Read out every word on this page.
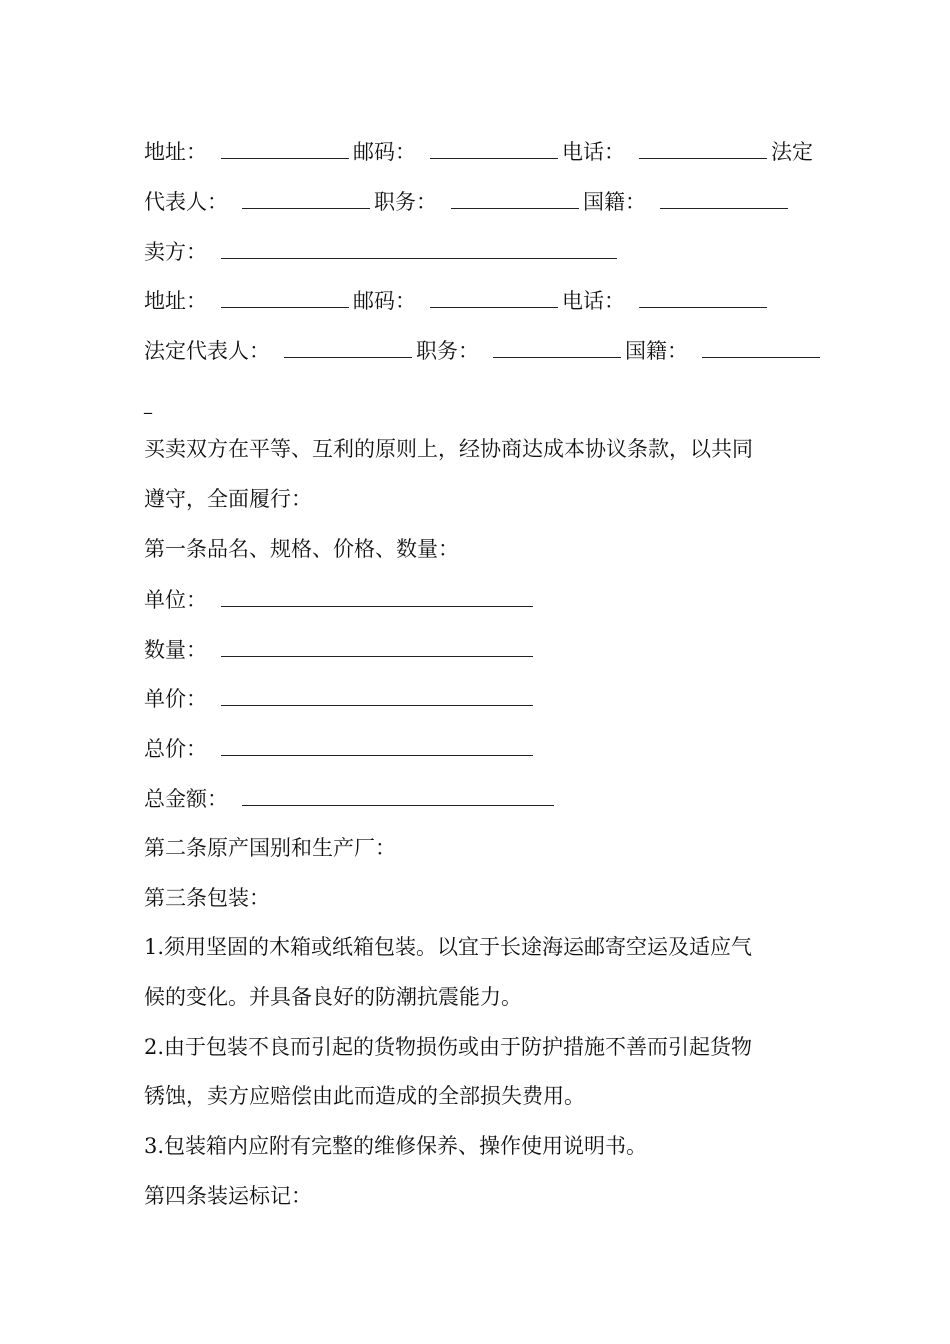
地址：	邮码：	电话：	法定
代表人：	职务：	国籍：
卖方：
地址：	邮码：	电话：
法定代表人：	职务：	国籍：
_
买卖双方在平等、互利的原则上，经协商达成本协议条款，以共同
遵守，全面履行：
第一条品名、规格、价格、数量：
单位：
数量：
单价：
总价：
总金额：
第二条原产国别和生产厂：
第三条包装：
1.须用坚固的木箱或纸箱包装。以宜于长途海运邮寄空运及适应气
候的变化。并具备良好的防潮抗震能力。
2.由于包装不良而引起的货物损伤或由于防护措施不善而引起货物
锈蚀，卖方应赔偿由此而造成的全部损失费用。
3.包装箱内应附有完整的维修保养、操作使用说明书。
第四条装运标记：
